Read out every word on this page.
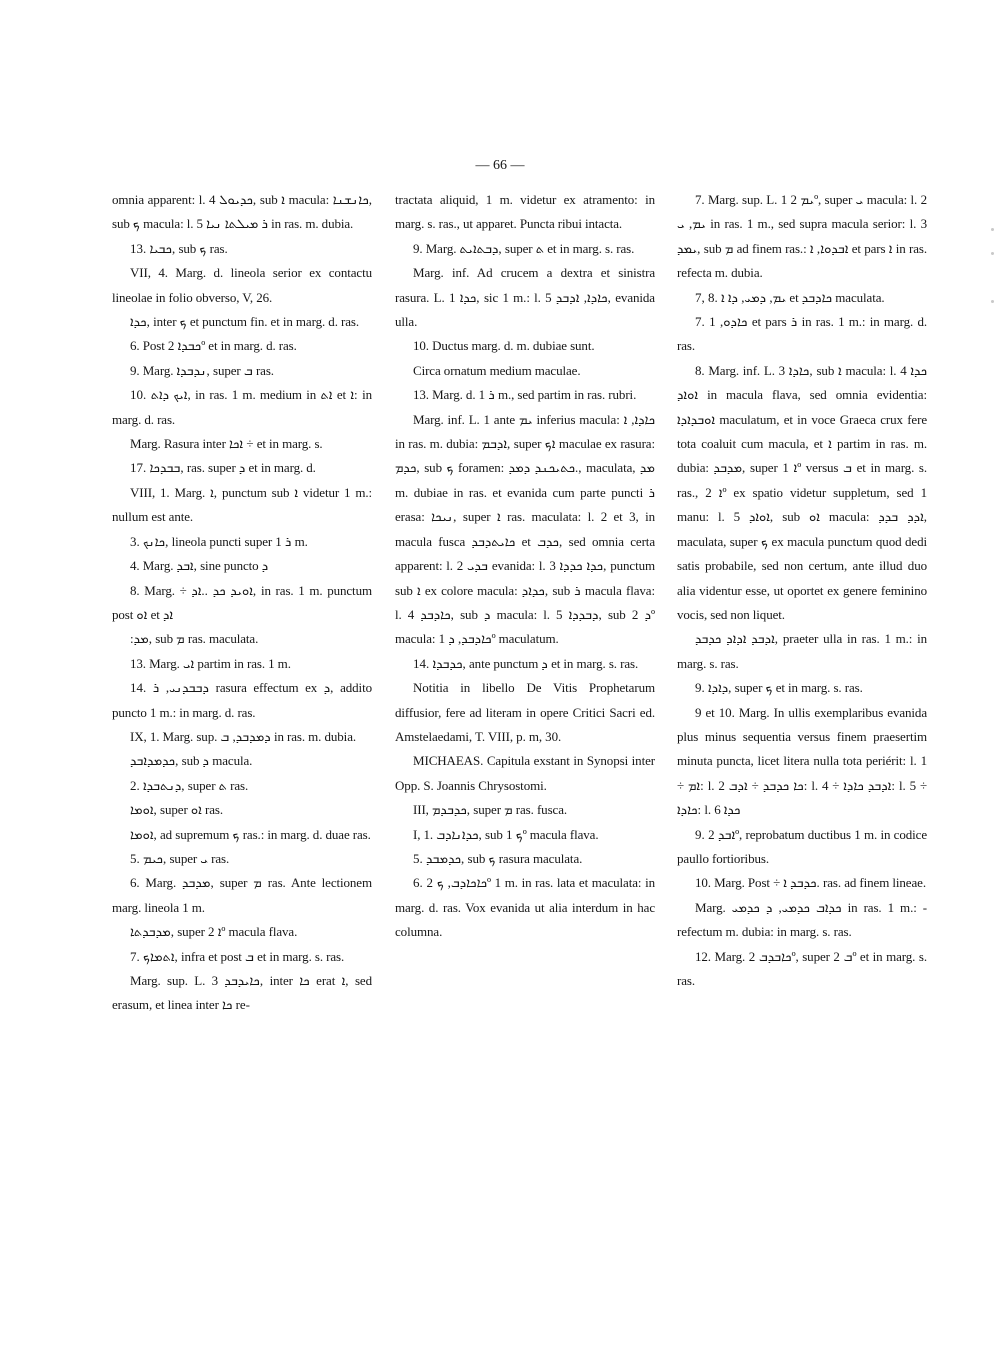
— 66 —

omnia apparent: l. 4 ܟܕܝܘܠ, sub ܐ macula: ܟܐܢܫܢܐ, sub ܟ macula: l. 5 ܪ ܡܝܠܬܐ ܢܝܐ in ras. m. dubia.

13. ܟܒܝܐ, sub ܟ ras.

VII, 4. Marg. d. lineola serior ex contactu lineolae in folio obverso, V, 26.

ܟܕܐ, inter ܟ et punctum fin. et in marg. d. ras.

6. Post ܟܒܕܐ 2º et in marg. d. ras.

9. Marg. ܢܕܒܕܐ, super ܒ ras.

10. ܐܝܟ ܕܐܬ, in ras. 1 m. medium in ܐܬ et ܐ: in marg. d. ras.

Marg. Rasura inter ܐܟܐ ÷ et in marg. s.

17. ܒܒܕܟܐ, ras. super ܕ et in marg. d.

VIII, 1. Marg. ܐ, punctum sub ܐ videtur 1 m.: nullum est ante.

3. ܟܐܢܟ, lineola puncti super ܪ 1 m.

4. Marg. ܐܒܕ, sine puncto ܕ

8. Marg. ÷ ܐܘܝܕ ܟܕ ..ܐܕ, in ras. 1 m. punctum post ܐܘ et ܐܕ

:ܡܕ, sub ܡ ras. maculata.

13. Marg. ܐܝ partim in ras. 1 m.

14. ܕܒܒܕܢܝ, ܪ rasura effectum ex ܕ, addito puncto 1 m.: in marg. d. ras.

IX, 1. Marg. sup. ܕܡܕܒܕ, ܒ in ras. m. dubia.

ܟܕܡܕܐܒܕ, sub ܕ macula.

2. ܕܢܬܒܕܐ, super ܬ ras.

ܐܘܡܐ, super ܐܘ ras.

ܐܘܡܐ, ad supremum ܟ ras.: in marg. d. duae ras.

5. ܟܝܡ, super ܝ ras.

6. Marg. ܡܕܒܕ, super ܡ ras. Ante lectionem marg. lineola 1 m.

ܡܕܒܕܬܐ, super ܐ 2º macula flava.

7. ܐܬܡܐܟ, infra et post ܒ et in marg. s. ras.

Marg. sup. L. 3 ܟܐܝܕܒܕ, inter ܟܐ erat ܐ, sed erasum, et linea inter ܟܐ re-

tractata aliquid, 1 m. videtur ex atramento: in marg. s. ras., ut apparet. Puncta ribui intacta.

9. Marg. ܕܒܬܐܝܬ, super ܬ et in marg. s. ras.

Marg. inf. Ad crucem a dextra et sinistra rasura. L. 1 ܟܕܐ, sic 1 m.: l. 5 ܟܐܕܐ, ܐܕܒܕ, evanida ulla.

10. Ductus marg. d. m. dubiae sunt.

Circa ornatum medium maculae.

13. Marg. d. ܪ 1 m., sed partim in ras. rubri.

Marg. inf. L. 1 ante ܝܡ inferius macula: ܟܐܕܐ, ܐ in ras. m. dubia: ܐܕܒܡ, super ܐܟ maculae ex rasura: ܟܕܡ, sub ܟ foramen: ܟܬܝܟܢܕ ܕܡܕ., maculata, ܡܕ m. dubiae in ras. et evanida cum parte puncti ܪ erasa: ܢܝܟܐ, super ܐ ras. maculata: l. 2 et 3, in macula fusca ܟܐܝܬܕܒܕ et ܟܕܒ, sed omnia certa apparent: l. 2 ܒܕܝ evanida: l. 3 ܟܕܐ ܟܕܕܐ, punctum sub ܐ ex colore macula: ܟܕܐܕ, sub ܪ macula flava: l. 4 ܟܐܕܒܕ, sub ܕ macula: l. 5 ܕܒܕܕܐ, sub ܕ 2º macula: ܟܐܕܒܕ, ܕ 1º maculatum.

14. ܟܕܒܕܐ, ante punctum ܕ et in marg. s. ras.

Notitia in libello De Vitis Prophetarum diffusior, fere ad literam in opere Critici Sacri ed. Amstelaedami, T. VIII, p. m, 30.

MICHAEAS. Capitula exstant in Synopsi inter Opp. S. Joannis Chrysostomi.

III, ܟܕܒܕܡ, super ܡ ras. fusca.

I, 1. ܟܕܐܢܐܕܒ, sub ܟ 1º macula flava.

5. ܟܕܡܒܕ, sub ܟ rasura maculata.

6. ܟܐܟܐܕܒ, ܟ 2º 1 m. in ras. lata et maculata: in marg. d. ras. Vox evanida ut alia interdum in hac columna.

7. Marg. sup. L. 1 ܝܡ 2º, super ܝ macula: l. 2 ܝܡ, ܝ in ras. 1 m., sed supra macula serior: l. 3 ܝܡܕ, sub ܡ ad finem ras.: ܐܒܕܘܐ, ܐ et pars ܐ in ras. refecta m. dubia.

7, 8. ܝܡ, ܕܡܝ, ܕܐ ܐ et ܟܐܕܒܕ maculata.

7. ܟܐܕܘ, 1 et pars ܪ in ras. 1 m.: in marg. d. ras.

8. Marg. inf. L. 3 ܟܐܕܐ, sub ܐ macula: l. 4 ܟܕܐ ܐܘܐܕ in macula flava, sed omnia evidentia: ܐܘܒܕܐܕܐ maculatum, et in voce Graeca crux fere tota coaluit cum macula, et ܐ partim in ras. m. dubia: ܡܕܒܕ, super ܐ 1º versus ܒ et in marg. s. ras., ܐ 2º ex spatio videtur suppletum, sed 1 manu: l. 5 ܐܘܐܕ, sub ܐܘ macula: ܐܕܕ ܒܕܕ, maculata, super ܟ ex macula punctum quod dedi satis probabile, sed non certum, ante illud duo alia videntur esse, ut oportet ex genere feminino vocis, sed non liquet.

ܐܕܒܕ ܐܕܐܕ ܟܕܒܕ, praeter ulla in ras. 1 m.: in marg. s. ras.

9. ܕܐܕܐ, super ܟ et in marg. s. ras.

9 et 10. Marg. In ullis exemplaribus evanida plus minus sequentia versus finem praesertim minuta puncta, licet litera nulla tota periérit: l. 1 ÷ ܐܡ: l. 2 ܟܐ ܟܕܒܕ ÷ ܐܕܒ: l. 4 ÷ ܐܕܒܕ ܟܐܕܐ: l. 5 ÷ ܟܐܕܐ: l. 6 ܟܕܐ

9. ܐܒܕ 2º, reprobatum ductibus 1 m. in codice paullo fortioribus.

10. Marg. Post ÷ ܟܕܒܕ ܐ. ras. ad finem lineae.

Marg. ܟܕܐܒ ܟܕܡܝ, ܕ ܟܕܡܝ in ras. 1 m.: - refectum m. dubia: in marg. s. ras.

12. Marg. ܟܐܒܕܒ 2º, super ܒ 2º et in marg. s. ras.
